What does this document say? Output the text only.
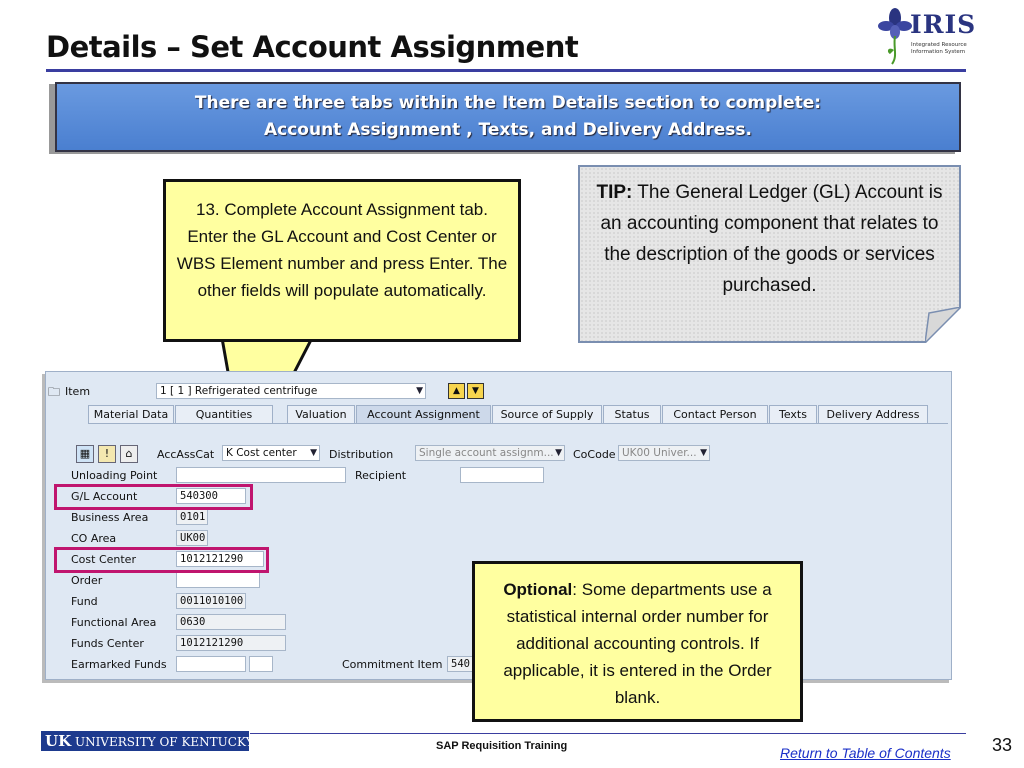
Details – Set Account Assignment
IRIS
Integrated Resource Information System
There are three tabs within the Item Details section to complete:
Account Assignment , Texts, and Delivery Address.
13. Complete Account Assignment tab. Enter the GL Account and Cost Center or WBS Element number and press Enter. The other fields will populate automatically.
TIP: The General Ledger (GL) Account is an accounting component that relates to the description of the goods or services purchased.
🗀 Item	1 [ 1 ] Refrigerated centrifuge	▼	▲	▼
Material Data	Quantities	Valuation	Account Assignment	Source of Supply	Status	Contact Person	Texts	Delivery Address
▦	!	⌂	AccAssCat	K Cost center ▼ Distribution	Single account assignm... ▼ CoCode UK00 Univer... ▼
Unloading Point	Recipient
G/L Account	540300
Business Area	0101
CO Area	UK00
Cost Center	1012121290
Order
Fund	0011010100
Functional Area	0630
Funds Center	1012121290
Earmarked Funds	Commitment Item 540
Optional: Some departments use a statistical internal order number for additional accounting controls. If applicable, it is entered in the Order blank.
UK UNIVERSITY OF KENTUCKY	SAP Requisition Training	Return to Table of Contents 33
